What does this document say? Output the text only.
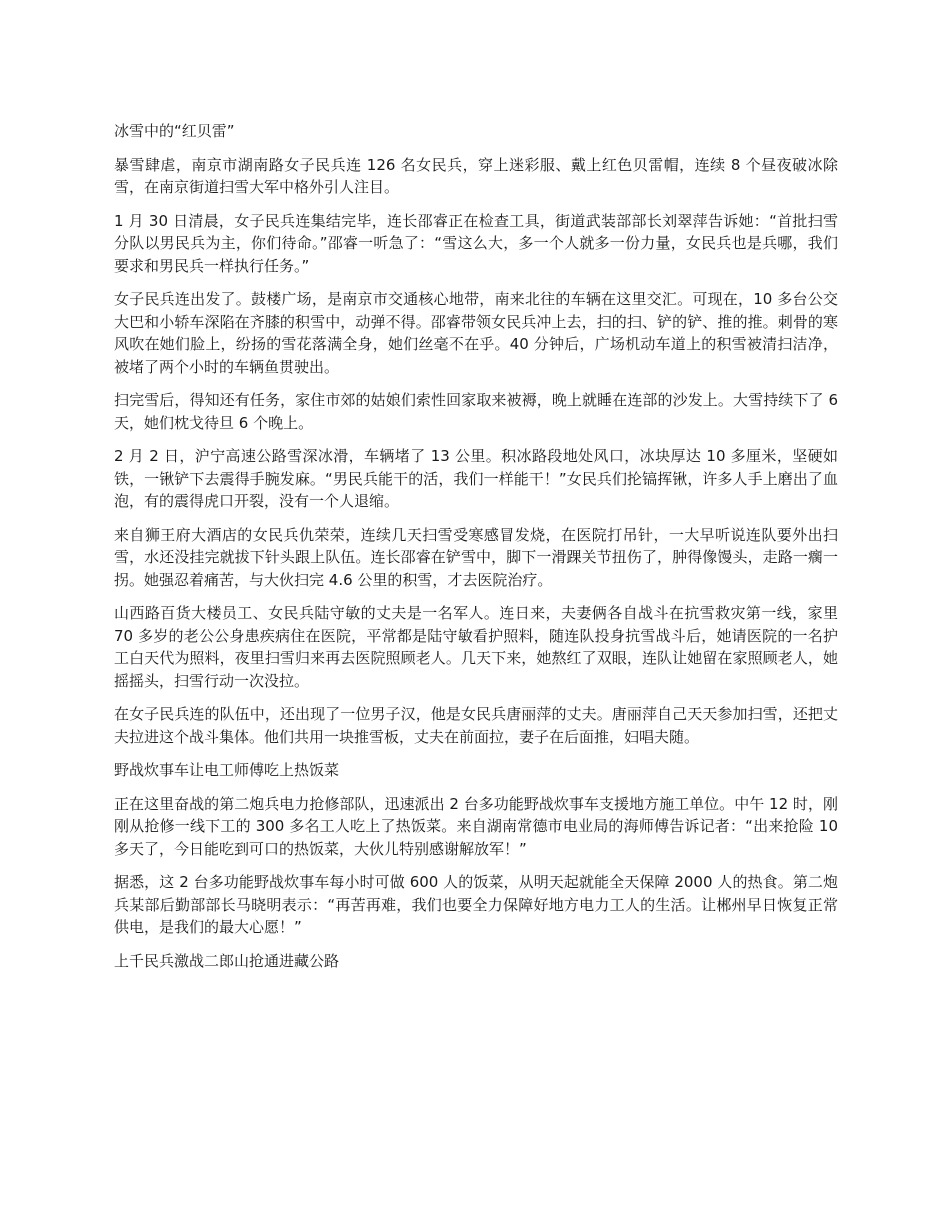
冰雪中的“红贝雷”

暴雪肆虐，南京市湖南路女子民兵连 126 名女民兵，穿上迷彩服、戴上红色贝雷帽，连续 8 个昼夜破冰除雪，在南京街道扫雪大军中格外引人注目。

1 月 30 日清晨，女子民兵连集结完毕，连长邵睿正在检查工具，街道武装部部长刘翠萍告诉她：“首批扫雪分队以男民兵为主，你们待命。”邵睿一听急了：“雪这么大，多一个人就多一份力量，女民兵也是兵哪，我们要求和男民兵一样执行任务。”

女子民兵连出发了。鼓楼广场，是南京市交通核心地带，南来北往的车辆在这里交汇。可现在，10 多台公交大巴和小轿车深陷在齐膝的积雪中，动弹不得。邵睿带领女民兵冲上去，扫的扫、铲的铲、推的推。刺骨的寒风吹在她们脸上，纷扬的雪花落满全身，她们丝毫不在乎。40 分钟后，广场机动车道上的积雪被清扫洁净，被堵了两个小时的车辆鱼贯驶出。

扫完雪后，得知还有任务，家住市郊的姑娘们索性回家取来被褥，晚上就睡在连部的沙发上。大雪持续下了 6 天，她们枕戈待旦 6 个晚上。

2 月 2 日，沪宁高速公路雪深冰滑，车辆堵了 13 公里。积冰路段地处风口，冰块厚达 10 多厘米，坚硬如铁，一锹铲下去震得手腕发麻。“男民兵能干的活，我们一样能干！”女民兵们抡镐挥锹，许多人手上磨出了血泡，有的震得虎口开裂，没有一个人退缩。

来自狮王府大酒店的女民兵仇荣荣，连续几天扫雪受寒感冒发烧，在医院打吊针，一大早听说连队要外出扫雪，水还没挂完就拔下针头跟上队伍。连长邵睿在铲雪中，脚下一滑踝关节扭伤了，肿得像馒头，走路一瘸一拐。她强忍着痛苦，与大伙扫完 4.6 公里的积雪，才去医院治疗。

山西路百货大楼员工、女民兵陆守敏的丈夫是一名军人。连日来，夫妻俩各自战斗在抗雪救灾第一线，家里 70 多岁的老公公身患疾病住在医院，平常都是陆守敏看护照料，随连队投身抗雪战斗后，她请医院的一名护工白天代为照料，夜里扫雪归来再去医院照顾老人。几天下来，她熬红了双眼，连队让她留在家照顾老人，她摇摇头，扫雪行动一次没拉。

在女子民兵连的队伍中，还出现了一位男子汉，他是女民兵唐丽萍的丈夫。唐丽萍自己天天参加扫雪，还把丈夫拉进这个战斗集体。他们共用一块推雪板，丈夫在前面拉，妻子在后面推，妇唱夫随。

野战炊事车让电工师傅吃上热饭菜

正在这里奋战的第二炮兵电力抢修部队，迅速派出 2 台多功能野战炊事车支援地方施工单位。中午 12 时，刚刚从抢修一线下工的 300 多名工人吃上了热饭菜。来自湖南常德市电业局的海师傅告诉记者：“出来抢险 10 多天了，今日能吃到可口的热饭菜，大伙儿特别感谢解放军！”

据悉，这 2 台多功能野战炊事车每小时可做 600 人的饭菜，从明天起就能全天保障 2000 人的热食。第二炮兵某部后勤部部长马晓明表示：“再苦再难，我们也要全力保障好地方电力工人的生活。让郴州早日恢复正常供电，是我们的最大心愿！”

上千民兵激战二郎山抢通进藏公路
